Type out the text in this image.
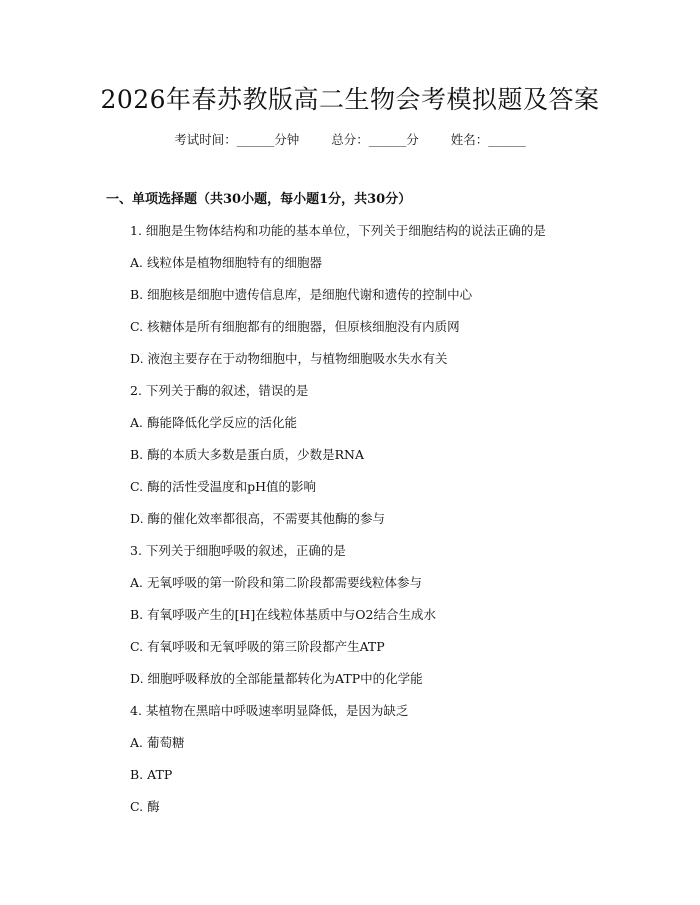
2026年春苏教版高二生物会考模拟题及答案
考试时间：______分钟	总分：______分	姓名：______
一、单项选择题（共30小题，每小题1分，共30分）
1. 细胞是生物体结构和功能的基本单位，下列关于细胞结构的说法正确的是
A. 线粒体是植物细胞特有的细胞器
B. 细胞核是细胞中遗传信息库，是细胞代谢和遗传的控制中心
C. 核糖体是所有细胞都有的细胞器，但原核细胞没有内质网
D. 液泡主要存在于动物细胞中，与植物细胞吸水失水有关
2. 下列关于酶的叙述，错误的是
A. 酶能降低化学反应的活化能
B. 酶的本质大多数是蛋白质，少数是RNA
C. 酶的活性受温度和pH值的影响
D. 酶的催化效率都很高，不需要其他酶的参与
3. 下列关于细胞呼吸的叙述，正确的是
A. 无氧呼吸的第一阶段和第二阶段都需要线粒体参与
B. 有氧呼吸产生的[H]在线粒体基质中与O2结合生成水
C. 有氧呼吸和无氧呼吸的第三阶段都产生ATP
D. 细胞呼吸释放的全部能量都转化为ATP中的化学能
4. 某植物在黑暗中呼吸速率明显降低，是因为缺乏
A. 葡萄糖
B. ATP
C. 酶
